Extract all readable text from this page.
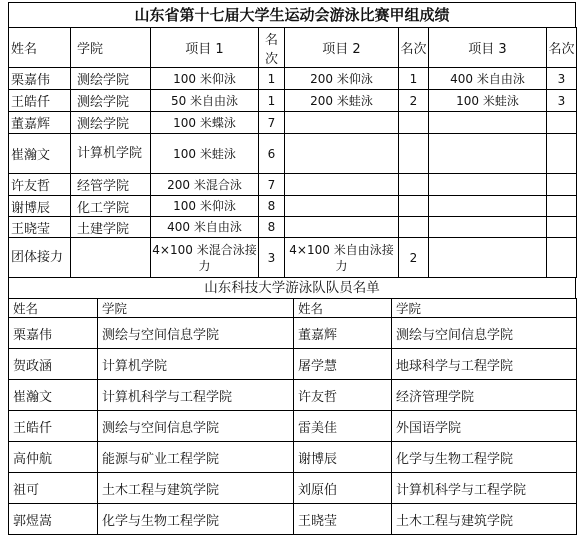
山东省第十七届大学生运动会游泳比赛甲组成绩
姓名	学院	项目 1	名次	项目 2	名次	项目 3	名次
栗嘉伟	测绘学院	100 米仰泳	1	200 米仰泳	1	400 米自由泳	3
王皓仟	测绘学院	50 米自由泳	1	200 米蛙泳	2	100 米蛙泳	3
董嘉辉	测绘学院	100 米蝶泳	7				
崔瀚文	计算机学院	100 米蛙泳	6				
许友哲	经管学院	200 米混合泳	7				
谢博辰	化工学院	100 米仰泳	8				
王晓莹	土建学院	400 米自由泳	8				
团体接力		4×100 米混合泳接力	3	4×100 米自由泳接力	2		
山东科技大学游泳队队员名单
姓名	学院	姓名	学院
栗嘉伟	测绘与空间信息学院	董嘉辉	测绘与空间信息学院
贺政涵	计算机学院	屠学慧	地球科学与工程学院
崔瀚文	计算机科学与工程学院	许友哲	经济管理学院
王皓仟	测绘与空间信息学院	雷美佳	外国语学院
高仲航	能源与矿业工程学院	谢博辰	化学与生物工程学院
祖可	土木工程与建筑学院	刘原伯	计算机科学与工程学院
郭煜嵩	化学与生物工程学院	王晓莹	土木工程与建筑学院
